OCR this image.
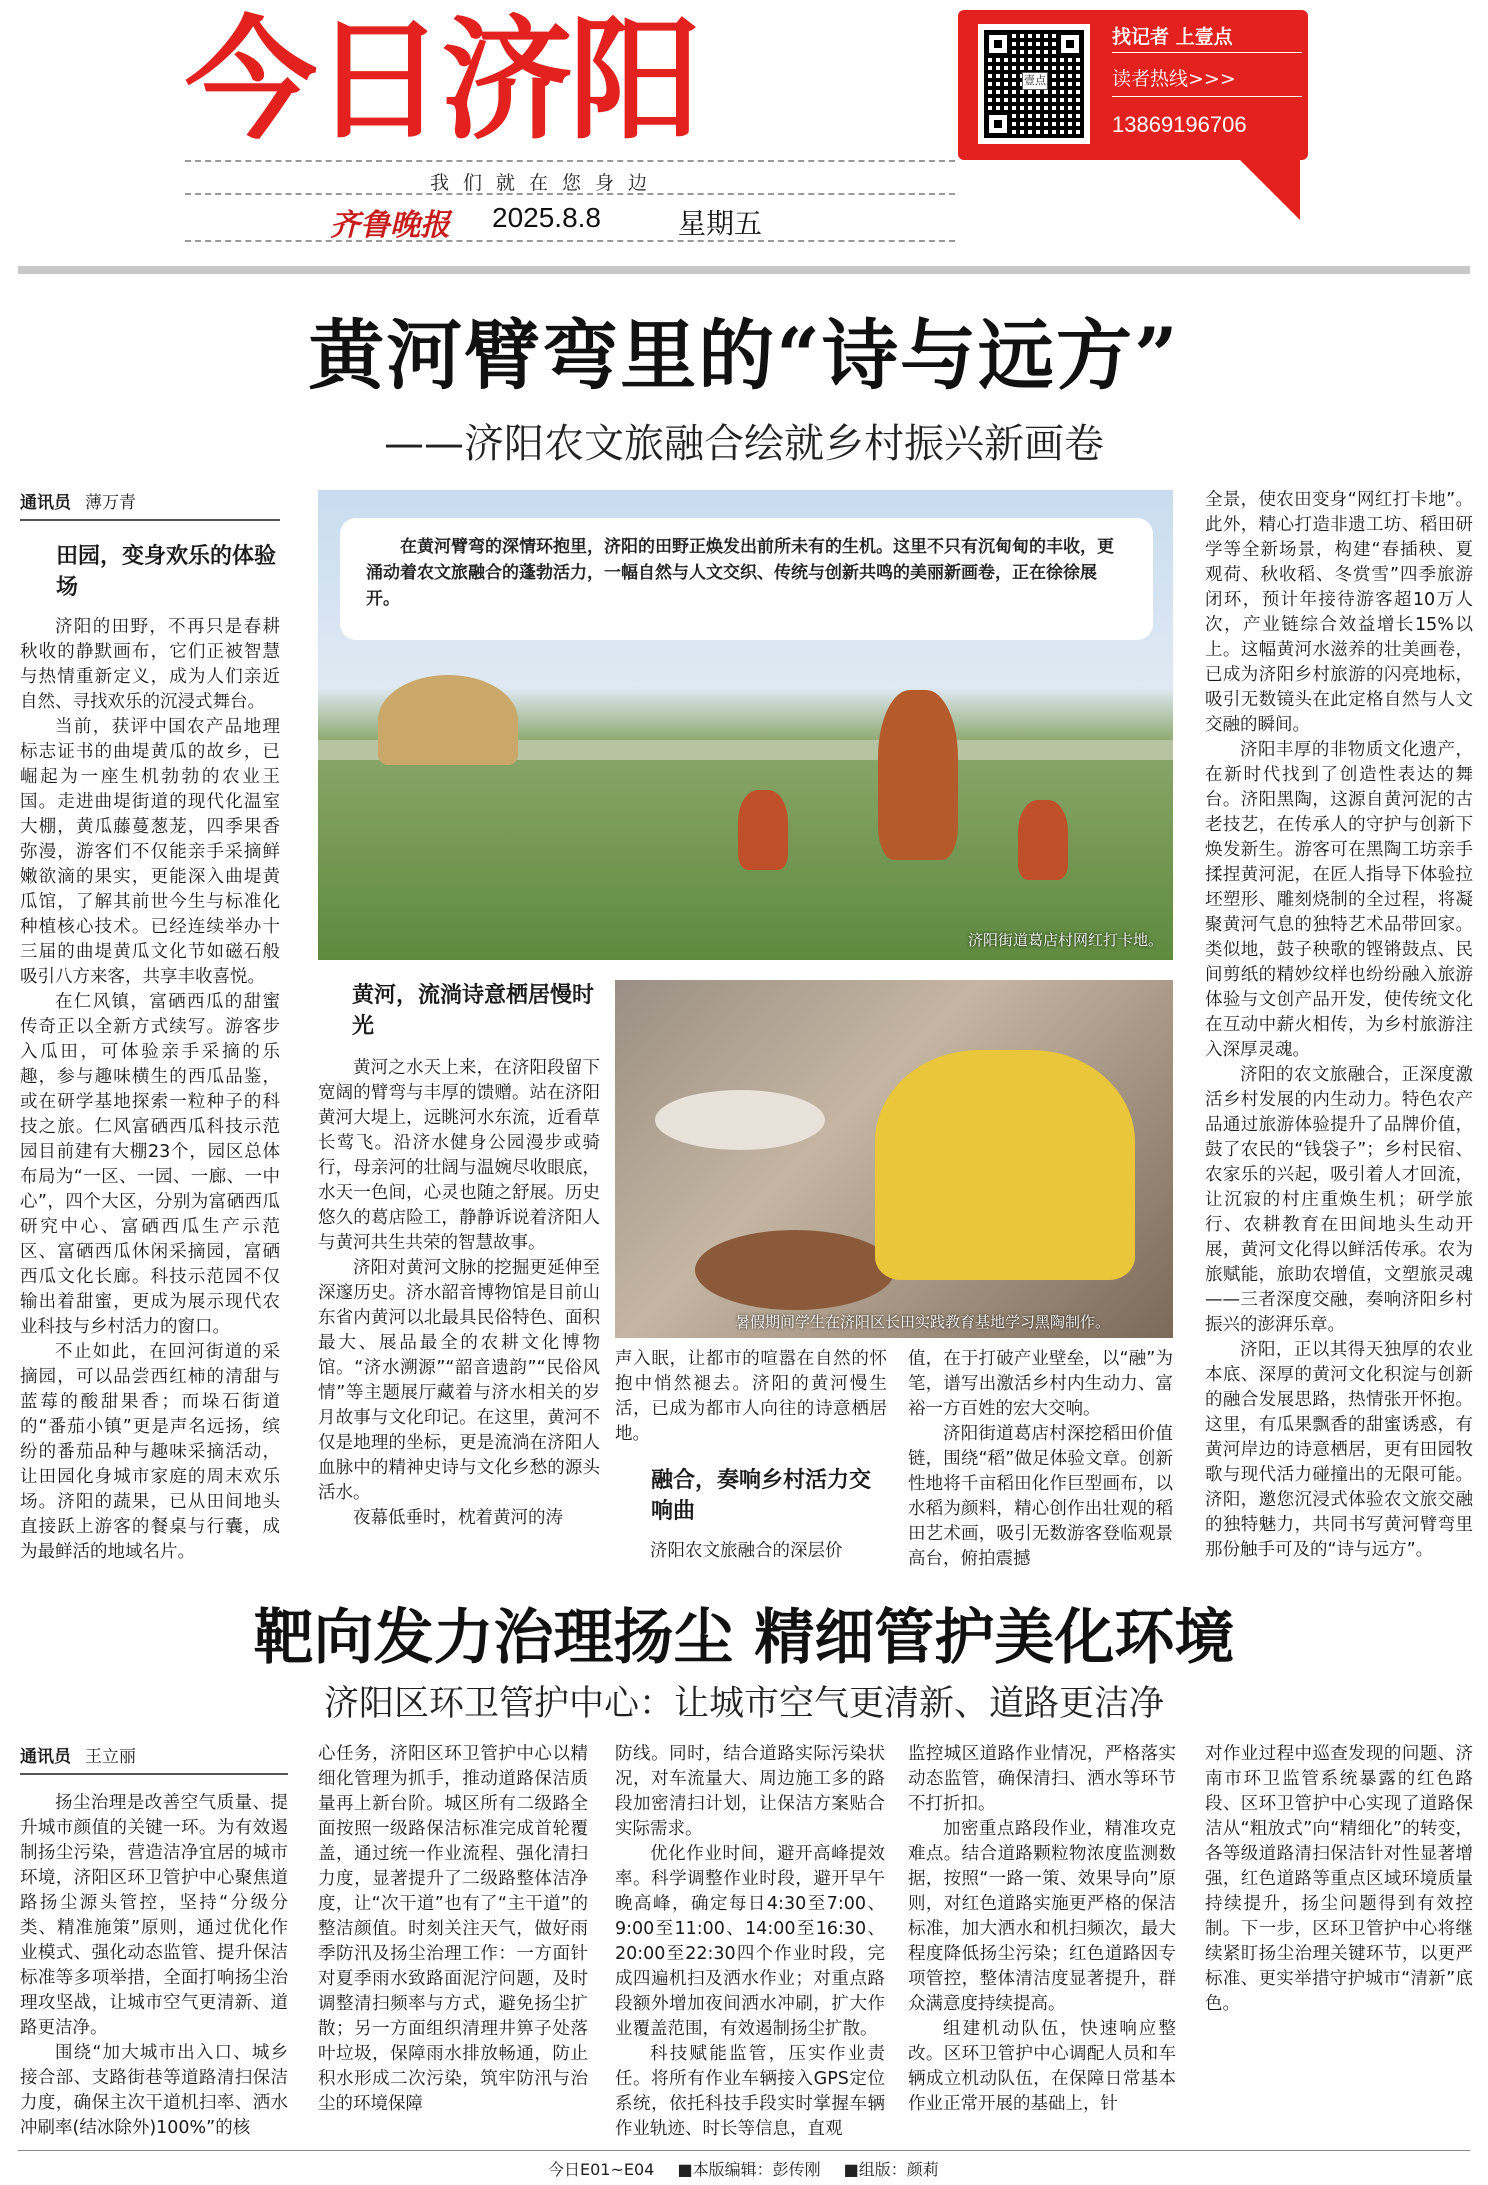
今日济阳
我们就在您身边
齐鲁晚报 2025.8.8	星期五
壹点
找记者 上壹点
读者热线>>>
13869196706
黄河臂弯里的“诗与远方”
——济阳农文旅融合绘就乡村振兴新画卷
通讯员 薄万青
田园，变身欢乐的体验场

济阳的田野，不再只是春耕秋收的静默画布，它们正被智慧与热情重新定义，成为人们亲近自然、寻找欢乐的沉浸式舞台。

当前，获评中国农产品地理标志证书的曲堤黄瓜的故乡，已崛起为一座生机勃勃的农业王国。走进曲堤街道的现代化温室大棚，黄瓜藤蔓葱茏，四季果香弥漫，游客们不仅能亲手采摘鲜嫩欲滴的果实，更能深入曲堤黄瓜馆，了解其前世今生与标准化种植核心技术。已经连续举办十三届的曲堤黄瓜文化节如磁石般吸引八方来客，共享丰收喜悦。

在仁风镇，富硒西瓜的甜蜜传奇正以全新方式续写。游客步入瓜田，可体验亲手采摘的乐趣，参与趣味横生的西瓜品鉴，或在研学基地探索一粒种子的科技之旅。仁风富硒西瓜科技示范园目前建有大棚23个，园区总体布局为“一区、一园、一廊、一中心”，四个大区，分别为富硒西瓜研究中心、富硒西瓜生产示范区、富硒西瓜休闲采摘园，富硒西瓜文化长廊。科技示范园不仅输出着甜蜜，更成为展示现代农业科技与乡村活力的窗口。

不止如此，在回河街道的采摘园，可以品尝西红柿的清甜与蓝莓的酸甜果香；而垛石街道的“番茄小镇”更是声名远扬，缤纷的番茄品种与趣味采摘活动，让田园化身城市家庭的周末欢乐场。济阳的蔬果，已从田间地头直接跃上游客的餐桌与行囊，成为最鲜活的地域名片。

济阳街道葛店村网红打卡地。
在黄河臂弯的深情环抱里，济阳的田野正焕发出前所未有的生机。这里不只有沉甸甸的丰收，更涌动着农文旅融合的蓬勃活力，一幅自然与人文交织、传统与创新共鸣的美丽新画卷，正在徐徐展开。
黄河，流淌诗意栖居慢时光

黄河之水天上来，在济阳段留下宽阔的臂弯与丰厚的馈赠。站在济阳黄河大堤上，远眺河水东流，近看草长莺飞。沿济水健身公园漫步或骑行，母亲河的壮阔与温婉尽收眼底，水天一色间，心灵也随之舒展。历史悠久的葛店险工，静静诉说着济阳人与黄河共生共荣的智慧故事。

济阳对黄河文脉的挖掘更延伸至深邃历史。济水韶音博物馆是目前山东省内黄河以北最具民俗特色、面积最大、展品最全的农耕文化博物馆。“济水溯源”“韶音遗韵”“民俗风情”等主题展厅藏着与济水相关的岁月故事与文化印记。在这里，黄河不仅是地理的坐标，更是流淌在济阳人血脉中的精神史诗与文化乡愁的源头活水。

夜幕低垂时，枕着黄河的涛

暑假期间学生在济阳区长田实践教育基地学习黑陶制作。

声入眠，让都市的喧嚣在自然的怀抱中悄然褪去。济阳的黄河慢生活，已成为都市人向往的诗意栖居地。

融合，奏响乡村活力交响曲

济阳农文旅融合的深层价

值，在于打破产业壁垒，以“融”为笔，谱写出激活乡村内生动力、富裕一方百姓的宏大交响。

济阳街道葛店村深挖稻田价值链，围绕“稻”做足体验文章。创新性地将千亩稻田化作巨型画布，以水稻为颜料，精心创作出壮观的稻田艺术画，吸引无数游客登临观景高台，俯拍震撼

全景，使农田变身“网红打卡地”。此外，精心打造非遗工坊、稻田研学等全新场景，构建“春插秧、夏观荷、秋收稻、冬赏雪”四季旅游闭环，预计年接待游客超10万人次，产业链综合效益增长15%以上。这幅黄河水滋养的壮美画卷，已成为济阳乡村旅游的闪亮地标，吸引无数镜头在此定格自然与人文交融的瞬间。

济阳丰厚的非物质文化遗产，在新时代找到了创造性表达的舞台。济阳黑陶，这源自黄河泥的古老技艺，在传承人的守护与创新下焕发新生。游客可在黑陶工坊亲手揉捏黄河泥，在匠人指导下体验拉坯塑形、雕刻烧制的全过程，将凝聚黄河气息的独特艺术品带回家。类似地，鼓子秧歌的铿锵鼓点、民间剪纸的精妙纹样也纷纷融入旅游体验与文创产品开发，使传统文化在互动中薪火相传，为乡村旅游注入深厚灵魂。

济阳的农文旅融合，正深度激活乡村发展的内生动力。特色农产品通过旅游体验提升了品牌价值，鼓了农民的“钱袋子”；乡村民宿、农家乐的兴起，吸引着人才回流，让沉寂的村庄重焕生机；研学旅行、农耕教育在田间地头生动开展，黄河文化得以鲜活传承。农为旅赋能，旅助农增值，文塑旅灵魂——三者深度交融，奏响济阳乡村振兴的澎湃乐章。

济阳，正以其得天独厚的农业本底、深厚的黄河文化积淀与创新的融合发展思路，热情张开怀抱。这里，有瓜果飘香的甜蜜诱惑，有黄河岸边的诗意栖居，更有田园牧歌与现代活力碰撞出的无限可能。济阳，邀您沉浸式体验农文旅交融的独特魅力，共同书写黄河臂弯里那份触手可及的“诗与远方”。

靶向发力治理扬尘 精细管护美化环境
济阳区环卫管护中心：让城市空气更清新、道路更洁净
通讯员 王立丽

扬尘治理是改善空气质量、提升城市颜值的关键一环。为有效遏制扬尘污染，营造洁净宜居的城市环境，济阳区环卫管护中心聚焦道路扬尘源头管控，坚持“分级分类、精准施策”原则，通过优化作业模式、强化动态监管、提升保洁标准等多项举措，全面打响扬尘治理攻坚战，让城市空气更清新、道路更洁净。

围绕“加大城市出入口、城乡接合部、支路街巷等道路清扫保洁力度，确保主次干道机扫率、洒水冲刷率(结冰除外)100%”的核

心任务，济阳区环卫管护中心以精细化管理为抓手，推动道路保洁质量再上新台阶。城区所有二级路全面按照一级路保洁标准完成首轮覆盖，通过统一作业流程、强化清扫力度，显著提升了二级路整体洁净度，让“次干道”也有了“主干道”的整洁颜值。时刻关注天气，做好雨季防汛及扬尘治理工作：一方面针对夏季雨水致路面泥泞问题，及时调整清扫频率与方式，避免扬尘扩散；另一方面组织清理井箅子处落叶垃圾，保障雨水排放畅通，防止积水形成二次污染，筑牢防汛与治尘的环境保障

防线。同时，结合道路实际污染状况，对车流量大、周边施工多的路段加密清扫计划，让保洁方案贴合实际需求。

优化作业时间，避开高峰提效率。科学调整作业时段，避开早午晚高峰，确定每日4:30至7:00、9:00至11:00、14:00至16:30、20:00至22:30四个作业时段，完成四遍机扫及洒水作业；对重点路段额外增加夜间洒水冲刷，扩大作业覆盖范围，有效遏制扬尘扩散。

科技赋能监管，压实作业责任。将所有作业车辆接入GPS定位系统，依托科技手段实时掌握车辆作业轨迹、时长等信息，直观

监控城区道路作业情况，严格落实动态监管，确保清扫、洒水等环节不打折扣。

加密重点路段作业，精准攻克难点。结合道路颗粒物浓度监测数据，按照“一路一策、效果导向”原则，对红色道路实施更严格的保洁标准，加大洒水和机扫频次，最大程度降低扬尘污染；红色道路因专项管控，整体清洁度显著提升，群众满意度持续提高。

组建机动队伍，快速响应整改。区环卫管护中心调配人员和车辆成立机动队伍，在保障日常基本作业正常开展的基础上，针

对作业过程中巡查发现的问题、济南市环卫监管系统暴露的红色路段、区环卫管护中心实现了道路保洁从“粗放式”向“精细化”的转变，各等级道路清扫保洁针对性显著增强，红色道路等重点区域环境质量持续提升，扬尘问题得到有效控制。下一步，区环卫管护中心将继续紧盯扬尘治理关键环节，以更严标准、更实举措守护城市“清新”底色。

今日E01~E04 ■本版编辑：彭传刚 ■组版：颜莉
